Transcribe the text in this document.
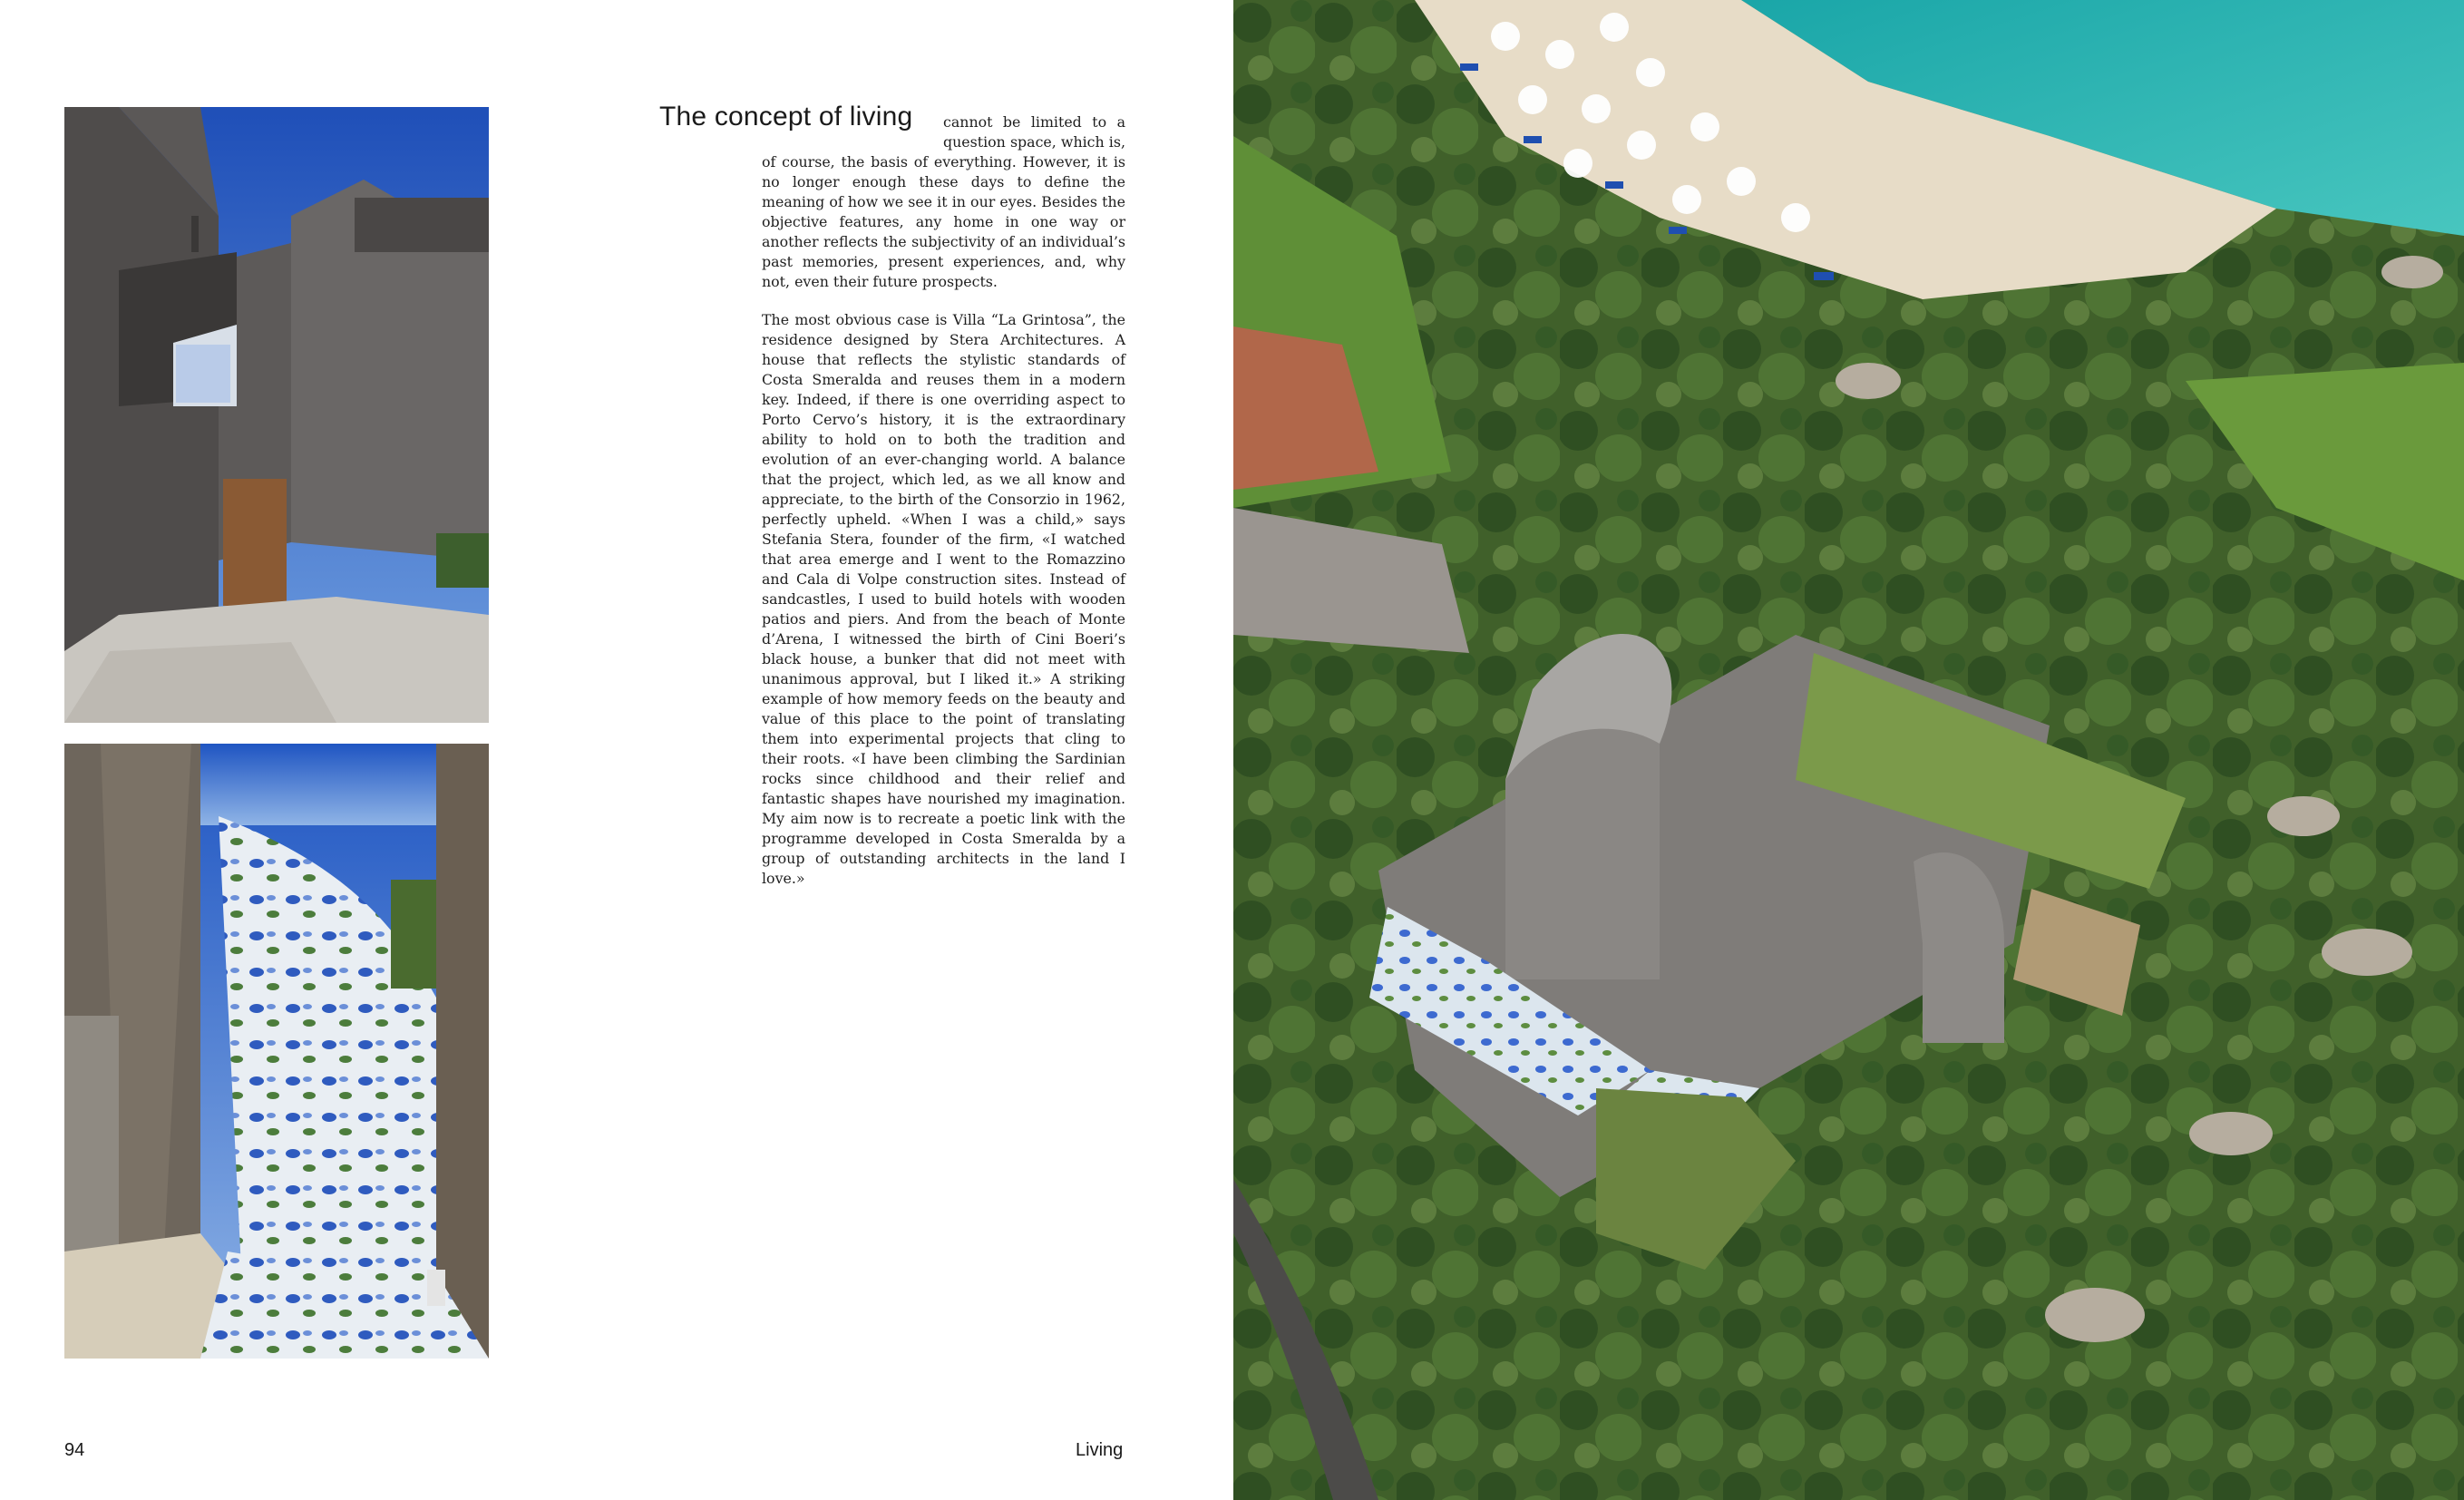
The concept of living	cannot be limited to a question space, which is, of course, the basis of everything. However, it is no longer enough these days to define the meaning of how we see it in our eyes. Besides the objective features, any home in one way or another reflects the subjectivity of an individual’s past memories, present experiences, and, why not, even their future prospects.

The most obvious case is Villa “La Grintosa”, the residence designed by Stera Architectures. A house that reflects the stylistic standards of Costa Smeralda and reuses them in a modern key. Indeed, if there is one overriding aspect to Porto Cervo’s history, it is the extraordinary ability to hold on to both the tradition and evolution of an ever-changing world. A balance that the project, which led, as we all know and appreciate, to the birth of the Consorzio in 1962, perfectly upheld. «When I was a child,» says Stefania Stera, founder of the firm, «I watched that area emerge and I went to the Romazzino and Cala di Volpe construction sites. Instead of sandcastles, I used to build hotels with wooden patios and piers. And from the beach of Monte d’Arena, I witnessed the birth of Cini Boeri’s black house, a bunker that did not meet with unanimous approval, but I liked it.» A striking example of how memory feeds on the beauty and value of this place to the point of translating them into experimental projects that cling to their roots. «I have been climbing the Sardinian rocks since childhood and their relief and fantastic shapes have nourished my imagination. My aim now is to recreate a poetic link with the programme developed in Costa Smeralda by a group of outstanding architects in the land I love.»

94	Living
